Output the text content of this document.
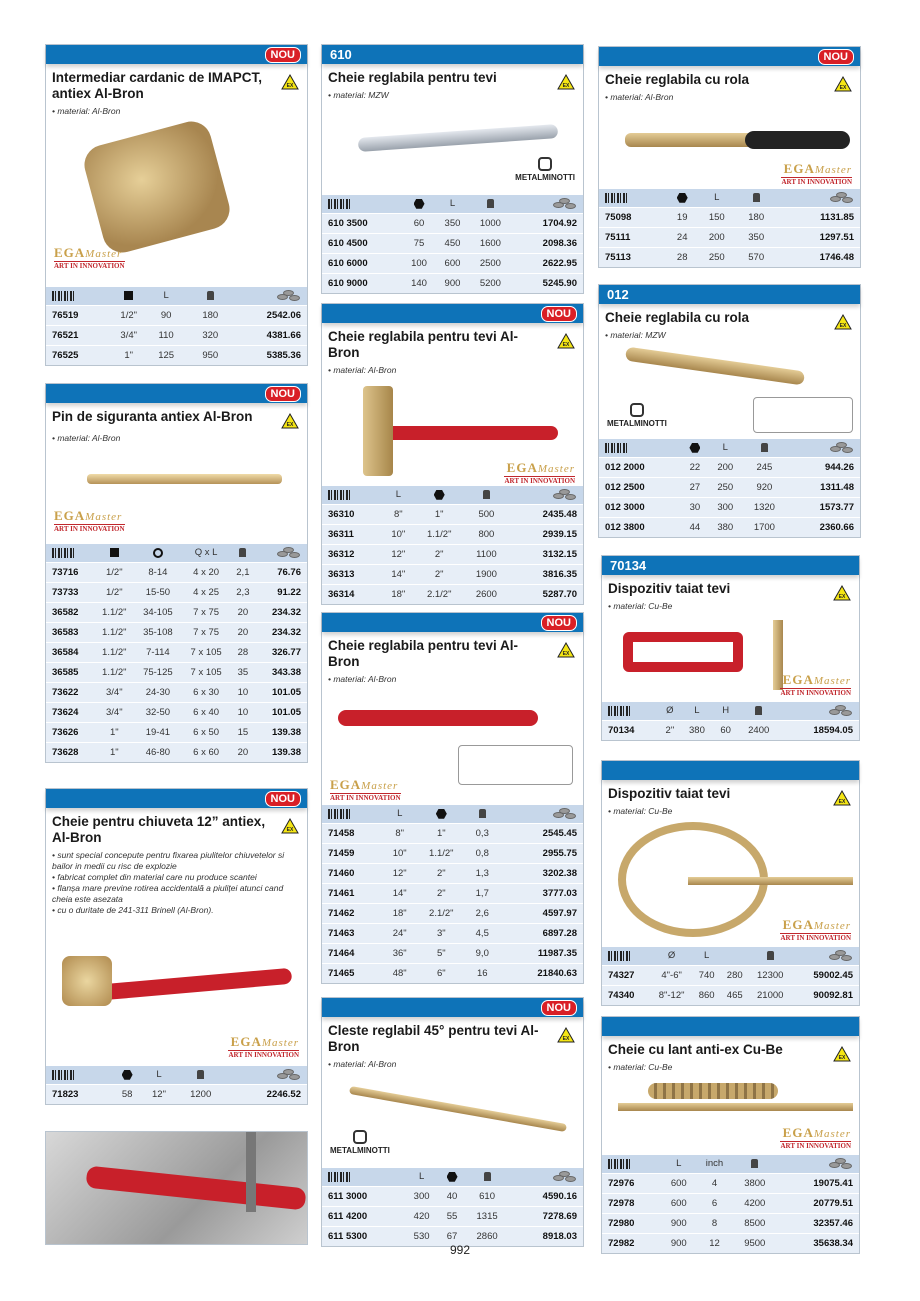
NOU
Intermediar cardanic de IMAPCT, antiex Al-Bron
• material: Al-Bron
EGAMaster
ART IN INNOVATION
		L			

76519	1/2"	90		180	2542.06
76521	3/4"	110		320	4381.66
76525	1"	125		950	5385.36
NOU
Pin de siguranta antiex Al-Bron
• material: Al-Bron
EGAMaster
ART IN INNOVATION
			Q x L		

73716	1/2"	8-14	4 x 20	2,1	76.76
73733	1/2"	15-50	4 x 25	2,3	91.22
36582	1.1/2"	34-105	7 x 75	20	234.32
36583	1.1/2"	35-108	7 x 75	20	234.32
36584	1.1/2"	7-114	7 x 105	28	326.77
36585	1.1/2"	75-125	7 x 105	35	343.38
73622	3/4"	24-30	6 x 30	10	101.05
73624	3/4"	32-50	6 x 40	10	101.05
73626	1"	19-41	6 x 50	15	139.38
73628	1"	46-80	6 x 60	20	139.38
NOU
Cheie pentru chiuveta 12” antiex, Al-Bron
• sunt special concepute pentru fixarea piulitelor chiuvetelor si bailor in medii cu risc de explozie
• fabricat complet din material care nu produce scantei
• flanșa mare previne rotirea accidentală a piuliței atunci cand cheia este asezata
• cu o duritate de 241-311 Brinell (Al-Bron).
EGAMaster
ART IN INNOVATION
		L		

71823	58	12"	1200	2246.52
610
Cheie reglabila pentru tevi
• material: MZW
METALMINOTTI
		L		

610 3500	60	350	1000	1704.92
610 4500	75	450	1600	2098.36
610 6000	100	600	2500	2622.95
610 9000	140	900	5200	5245.90
NOU
Cheie reglabila pentru tevi Al-Bron
• material: Al-Bron
EGAMaster
ART IN INNOVATION
	L			

36310	8"	1"	500	2435.48
36311	10"	1.1/2"	800	2939.15
36312	12"	2"	1100	3132.15
36313	14"	2"	1900	3816.35
36314	18"	2.1/2"	2600	5287.70
NOU
Cheie reglabila pentru tevi Al-Bron
• material: Al-Bron
EGAMaster
ART IN INNOVATION
	L			

71458	8"	1"	0,3	2545.45
71459	10"	1.1/2"	0,8	2955.75
71460	12"	2"	1,3	3202.38
71461	14"	2"	1,7	3777.03
71462	18"	2.1/2"	2,6	4597.97
71463	24"	3"	4,5	6897.28
71464	36"	5"	9,0	11987.35
71465	48"	6"	16	21840.63
NOU
Cleste reglabil 45° pentru tevi Al-Bron
• material: Al-Bron
METALMINOTTI
	L			

611 3000	300	40	610	4590.16
611 4200	420	55	1315	7278.69
611 5300	530	67	2860	8918.03
NOU
Cheie reglabila cu rola
• material: Al-Bron
EGAMaster
ART IN INNOVATION
		L		

75098	19	150	180	1131.85
75111	24	200	350	1297.51
75113	28	250	570	1746.48
012
Cheie reglabila cu rola
• material: MZW
METALMINOTTI
		L		

012 2000	22	200	245	944.26
012 2500	27	250	920	1311.48
012 3000	30	300	1320	1573.77
012 3800	44	380	1700	2360.66
70134
Dispozitiv taiat tevi
• material: Cu-Be
EGAMaster
ART IN INNOVATION
	Ø	L	H		

70134	2"	380	60	2400	18594.05
Dispozitiv taiat tevi
• material: Cu-Be
EGAMaster
ART IN INNOVATION
	Ø	L			

74327	4"-6"	740	280	12300	59002.45
74340	8"-12"	860	465	21000	90092.81
Cheie cu lant anti-ex Cu-Be
• material: Cu-Be
EGAMaster
ART IN INNOVATION
	L	inch		

72976	600	4	3800	19075.41
72978	600	6	4200	20779.51
72980	900	8	8500	32357.46
72982	900	12	9500	35638.34
992
